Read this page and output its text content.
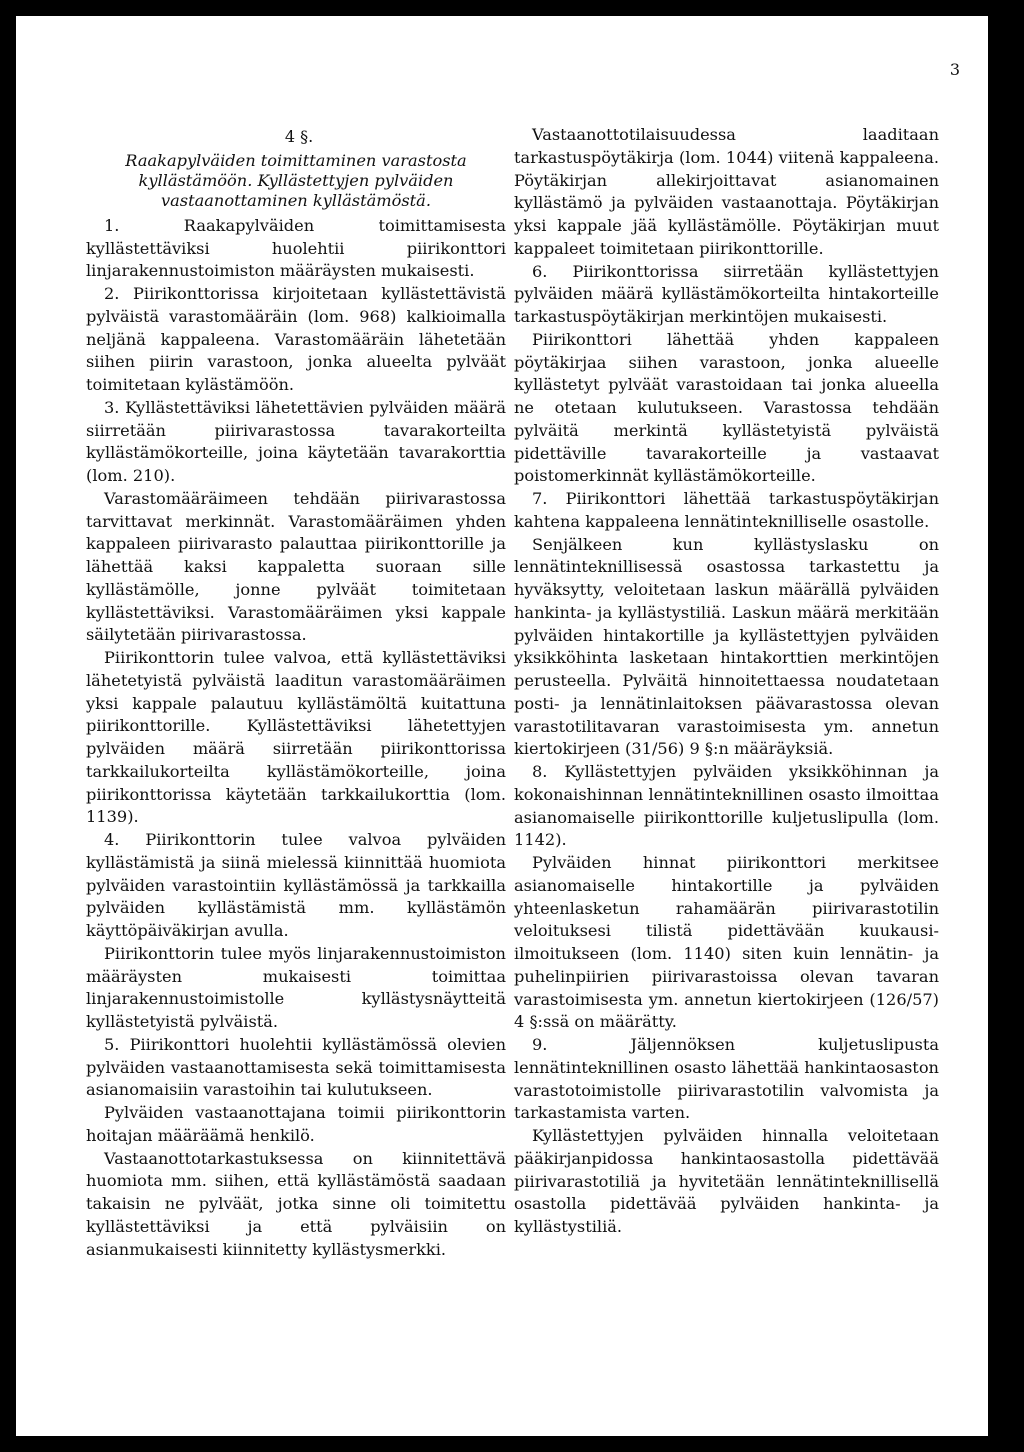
3
4 §.
Raakapylväiden toimittaminen varastosta kyllästämöön. Kyllästettyjen pylväiden vastaanottaminen kyllästämöstä.

1. Raakapylväiden toimittamisesta kyllästettäviksi huolehtii piirikonttori linjarakennustoimiston määräysten mukaisesti.

2. Piirikonttorissa kirjoitetaan kyllästettävistä pylväistä varastomääräin (lom. 968) kalkioimalla neljänä kappaleena. Varastomääräin lähetetään siihen piirin varastoon, jonka alueelta pylväät toimitetaan kylästämöön.

3. Kyllästettäviksi lähetettävien pylväiden määrä siirretään piirivarastossa tavarakorteilta kyllästämökorteille, joina käytetään tavarakorttia (lom. 210).

Varastomääräimeen tehdään piirivarastossa tarvittavat merkinnät. Varastomääräimen yhden kappaleen piirivarasto palauttaa piirikonttorille ja lähettää kaksi kappaletta suoraan sille kyllästämölle, jonne pylväät toimitetaan kyllästettäviksi. Varastomääräimen yksi kappale säilytetään piirivarastossa.

Piirikonttorin tulee valvoa, että kyllästettäviksi lähetetyistä pylväistä laaditun varastomääräimen yksi kappale palautuu kyllästämöltä kuitattuna piirikonttorille. Kyllästettäviksi lähetettyjen pylväiden määrä siirretään piirikonttorissa tarkkailukorteilta kyllästämökorteille, joina piirikonttorissa käytetään tarkkailukorttia (lom. 1139).

4. Piirikonttorin tulee valvoa pylväiden kyllästämistä ja siinä mielessä kiinnittää huomiota pylväiden varastointiin kyllästämössä ja tarkkailla pylväiden kyllästämistä mm. kyllästämön käyttöpäiväkirjan avulla.

Piirikonttorin tulee myös linjarakennustoimiston määräysten mukaisesti toimittaa linjarakennustoimistolle kyllästysnäytteitä kyllästetyistä pylväistä.

5. Piirikonttori huolehtii kyllästämössä olevien pylväiden vastaanottamisesta sekä toimittamisesta asianomaisiin varastoihin tai kulutukseen.

Pylväiden vastaanottajana toimii piirikonttorin hoitajan määräämä henkilö.

Vastaanottotarkastuksessa on kiinnitettävä huomiota mm. siihen, että kyllästämöstä saadaan takaisin ne pylväät, jotka sinne oli toimitettu kyllästettäviksi ja että pylväisiin on asianmukaisesti kiinnitetty kyllästysmerkki.

Vastaanottotilaisuudessa laaditaan tarkastuspöytäkirja (lom. 1044) viitenä kappaleena. Pöytäkirjan allekirjoittavat asianomainen kyllästämö ja pylväiden vastaanottaja. Pöytäkirjan yksi kappale jää kyllästämölle. Pöytäkirjan muut kappaleet toimitetaan piirikonttorille.

6. Piirikonttorissa siirretään kyllästettyjen pylväiden määrä kyllästämökorteilta hintakorteille tarkastuspöytäkirjan merkintöjen mukaisesti.

Piirikonttori lähettää yhden kappaleen pöytäkirjaa siihen varastoon, jonka alueelle kyllästetyt pylväät varastoidaan tai jonka alueella ne otetaan kulutukseen. Varastossa tehdään pylväitä merkintä kyllästetyistä pylväistä pidettäville tavarakorteille ja vastaavat poistomerkinnät kyllästämökorteille.

7. Piirikonttori lähettää tarkastuspöytäkirjan kahtena kappaleena lennätinteknilliselle osastolle.

Senjälkeen kun kyllästyslasku on lennätinteknillisessä osastossa tarkastettu ja hyväksytty, veloitetaan laskun määrällä pylväiden hankinta- ja kyllästystiliä. Laskun määrä merkitään pylväiden hintakortille ja kyllästettyjen pylväiden yksikköhinta lasketaan hintakorttien merkintöjen perusteella. Pylväitä hinnoitettaessa noudatetaan posti- ja lennätinlaitoksen päävarastossa olevan varastotilitavaran varastoimisesta ym. annetun kiertokirjeen (31/56) 9 §:n määräyksiä.

8. Kyllästettyjen pylväiden yksikköhinnan ja kokonaishinnan lennätinteknillinen osasto ilmoittaa asianomaiselle piirikonttorille kuljetuslipulla (lom. 1142).

Pylväiden hinnat piirikonttori merkitsee asianomaiselle hintakortille ja pylväiden yhteenlasketun rahamäärän piirivarastotilin veloituksesi tilistä pidettävään kuukausi-ilmoitukseen (lom. 1140) siten kuin lennätin- ja puhelinpiirien piirivarastoissa olevan tavaran varastoimisesta ym. annetun kiertokirjeen (126/57) 4 §:ssä on määrätty.

9. Jäljennöksen kuljetuslipusta lennätinteknillinen osasto lähettää hankintaosaston varastotoimistolle piirivarastotilin valvomista ja tarkastamista varten.

Kyllästettyjen pylväiden hinnalla veloitetaan pääkirjanpidossa hankintaosastolla pidettävää piirivarastotiliä ja hyvitetään lennätinteknillisellä osastolla pidettävää pylväiden hankinta- ja kyllästystiliä.
